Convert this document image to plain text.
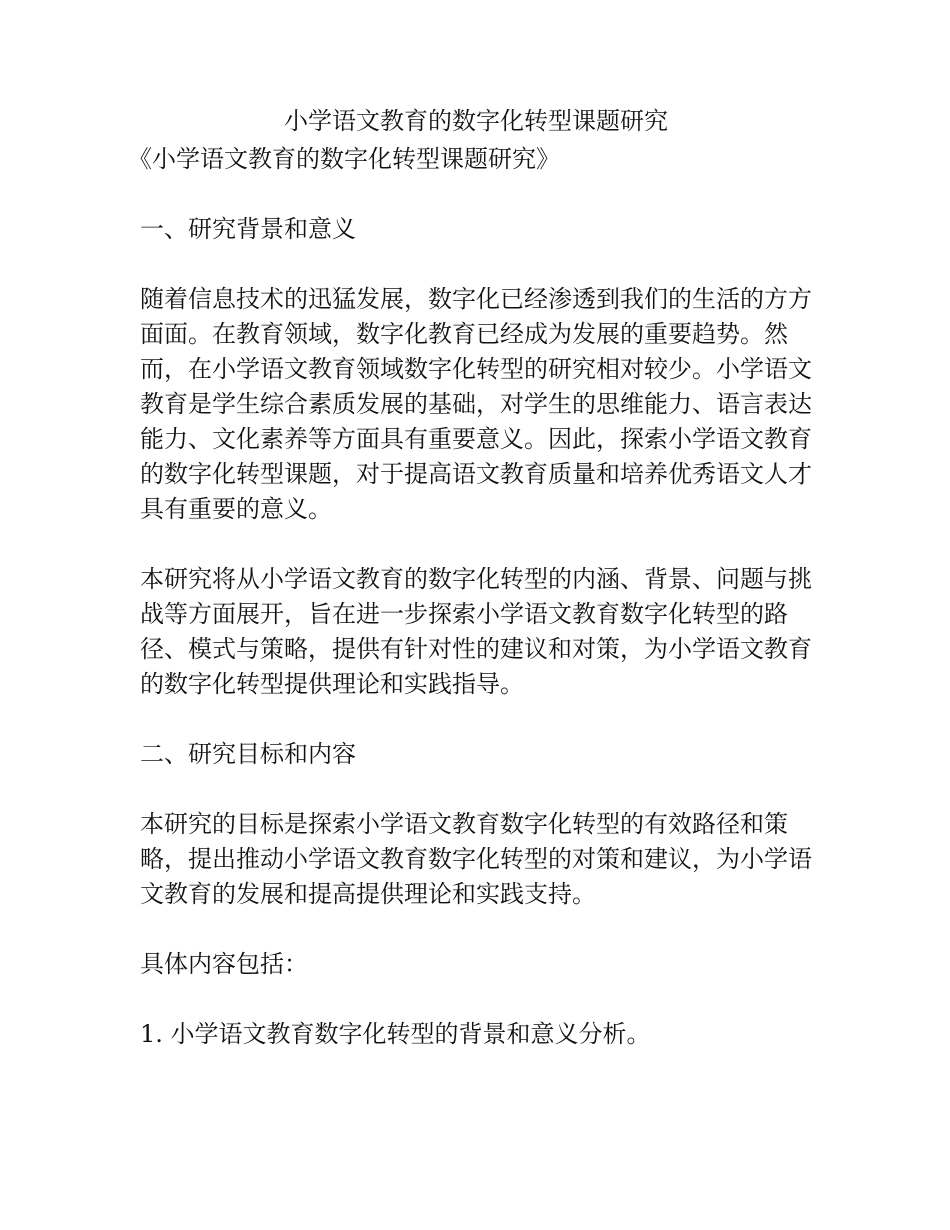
小学语文教育的数字化转型课题研究

《小学语文教育的数字化转型课题研究》

一、研究背景和意义

随着信息技术的迅猛发展，数字化已经渗透到我们的生活的方方面面。在教育领域，数字化教育已经成为发展的重要趋势。然而，在小学语文教育领域数字化转型的研究相对较少。小学语文教育是学生综合素质发展的基础，对学生的思维能力、语言表达能力、文化素养等方面具有重要意义。因此，探索小学语文教育的数字化转型课题，对于提高语文教育质量和培养优秀语文人才具有重要的意义。

本研究将从小学语文教育的数字化转型的内涵、背景、问题与挑战等方面展开，旨在进一步探索小学语文教育数字化转型的路径、模式与策略，提供有针对性的建议和对策，为小学语文教育的数字化转型提供理论和实践指导。

二、研究目标和内容

本研究的目标是探索小学语文教育数字化转型的有效路径和策略，提出推动小学语文教育数字化转型的对策和建议，为小学语文教育的发展和提高提供理论和实践支持。

具体内容包括：

1. 小学语文教育数字化转型的背景和意义分析。
